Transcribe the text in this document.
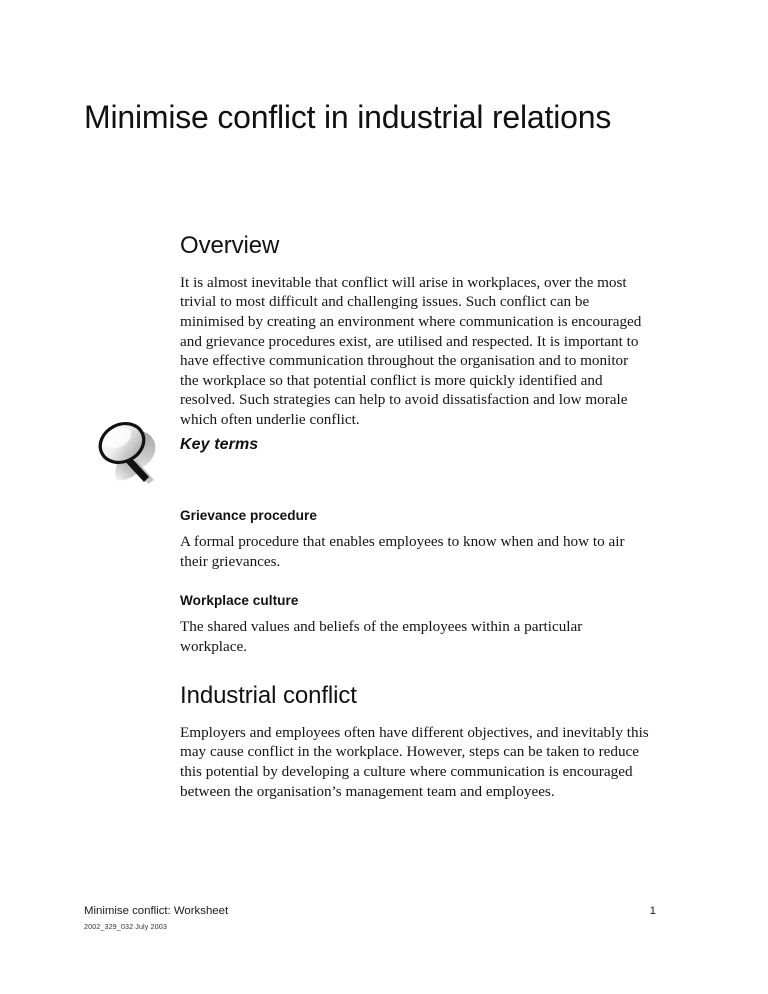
Minimise conflict in industrial relations
Overview

It is almost inevitable that conflict will arise in workplaces, over the most trivial to most difficult and challenging issues. Such conflict can be minimised by creating an environment where communication is encouraged and grievance procedures exist, are utilised and respected. It is important to have effective communication throughout the organisation and to monitor the workplace so that potential conflict is more quickly identified and resolved. Such strategies can help to avoid dissatisfaction and low morale which often underlie conflict.

Key terms
Grievance procedure

A formal procedure that enables employees to know when and how to air their grievances.

Workplace culture

The shared values and beliefs of the employees within a particular workplace.

Industrial conflict

Employers and employees often have different objectives, and inevitably this may cause conflict in the workplace. However, steps can be taken to reduce this potential by developing a culture where communication is encouraged between the organisation’s management team and employees.

Minimise conflict: Worksheet	1
2002_329_032 July 2003
